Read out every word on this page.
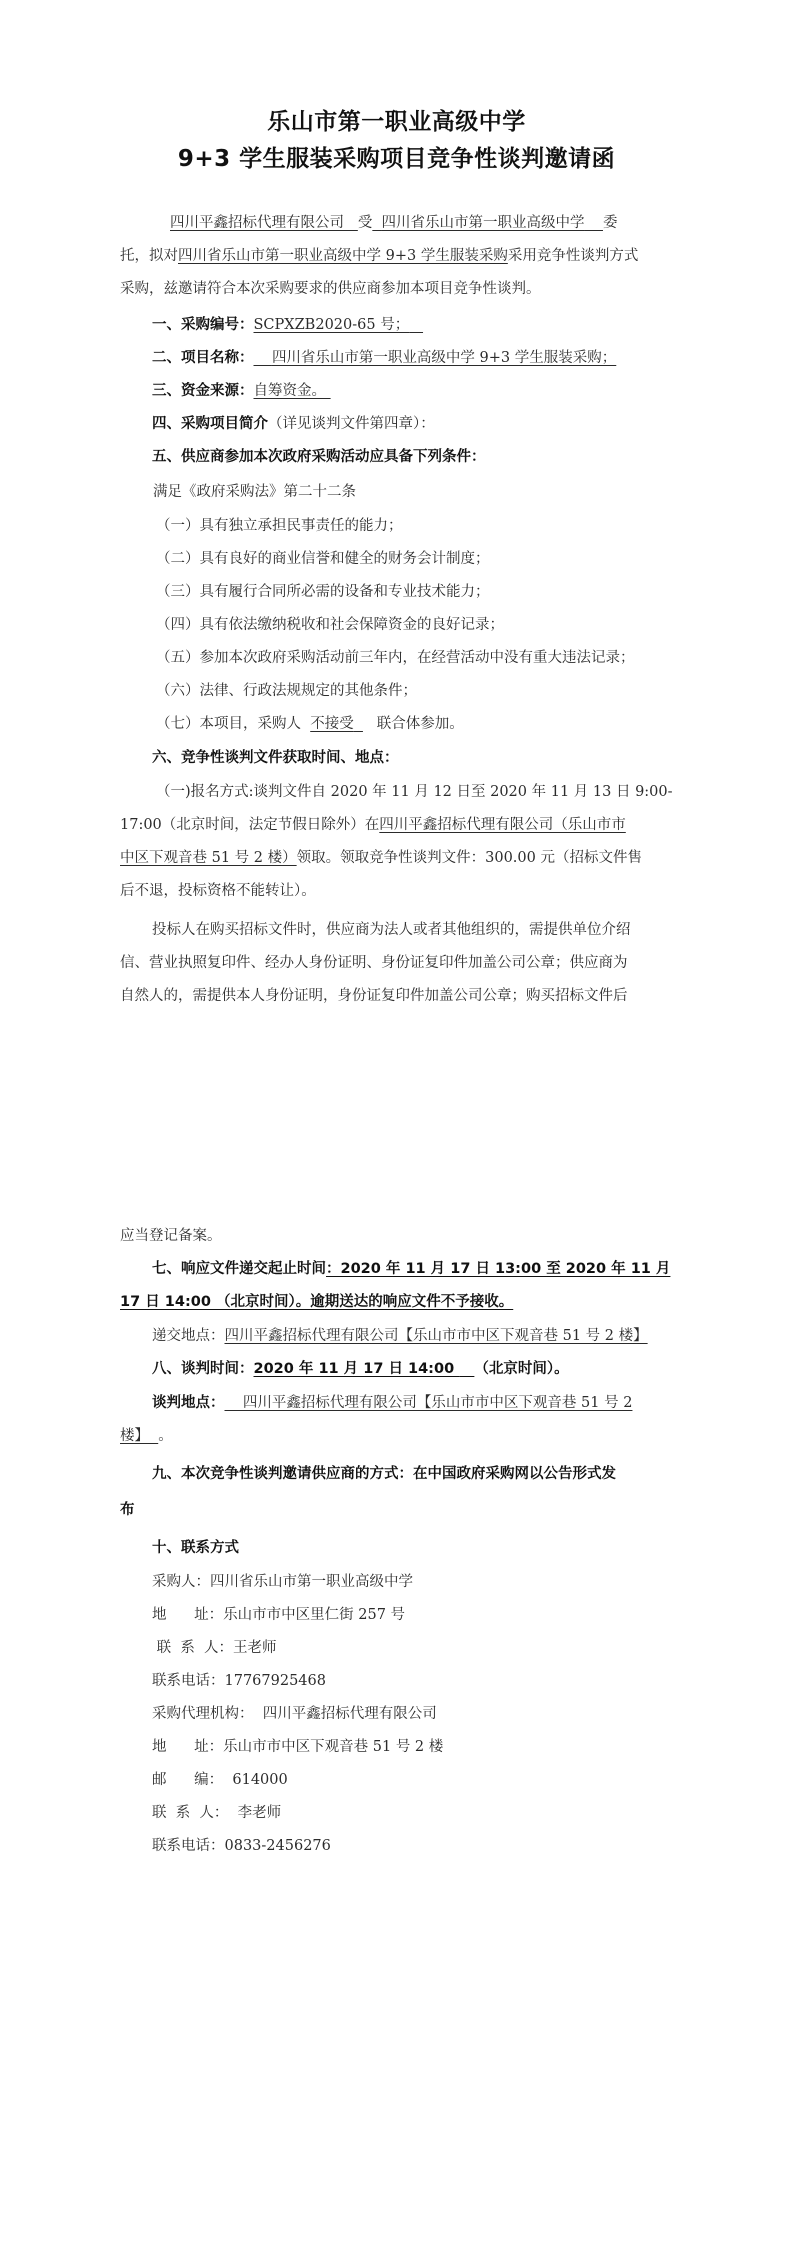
乐山市第一职业高级中学
9+3 学生服装采购项目竞争性谈判邀请函
四川平鑫招标代理有限公司 受 四川省乐山市第一职业高级中学 委
托，拟对四川省乐山市第一职业高级中学 9+3 学生服装采购采用竞争性谈判方式
采购，兹邀请符合本次采购要求的供应商参加本项目竞争性谈判。
一、采购编号：SCPXZB2020-65 号；
二、项目名称： 四川省乐山市第一职业高级中学 9+3 学生服装采购；
三、资金来源：自筹资金。
四、采购项目简介（详见谈判文件第四章）：
五、供应商参加本次政府采购活动应具备下列条件：
满足《政府采购法》第二十二条
（一）具有独立承担民事责任的能力；
（二）具有良好的商业信誉和健全的财务会计制度；
（三）具有履行合同所必需的设备和专业技术能力；
（四）具有依法缴纳税收和社会保障资金的良好记录；
（五）参加本次政府采购活动前三年内，在经营活动中没有重大违法记录；
（六）法律、行政法规规定的其他条件；
（七）本项目，采购人 不接受 联合体参加。
六、竞争性谈判文件获取时间、地点：
（一)报名方式:谈判文件自 2020 年 11 月 12 日至 2020 年 11 月 13 日 9:00-
17:00（北京时间，法定节假日除外）在四川平鑫招标代理有限公司（乐山市市
中区下观音巷 51 号 2 楼）领取。领取竞争性谈判文件：300.00 元（招标文件售
后不退，投标资格不能转让）。
投标人在购买招标文件时，供应商为法人或者其他组织的，需提供单位介绍
信、营业执照复印件、经办人身份证明、身份证复印件加盖公司公章；供应商为
自然人的，需提供本人身份证明，身份证复印件加盖公司公章；购买招标文件后
应当登记备案。
七、响应文件递交起止时间：2020 年 11 月 17 日 13:00 至 2020 年 11 月
17 日 14:00 （北京时间）。逾期送达的响应文件不予接收。
递交地点：四川平鑫招标代理有限公司【乐山市市中区下观音巷 51 号 2 楼】
八、谈判时间：2020 年 11 月 17 日 14:00    （北京时间）。
谈判地点：    四川平鑫招标代理有限公司【乐山市市中区下观音巷 51 号 2
楼】  。
九、本次竞争性谈判邀请供应商的方式：在中国政府采购网以公告形式发
布
十、联系方式
采购人：四川省乐山市第一职业高级中学
地      址：乐山市市中区里仁街 257 号
联  系  人：王老师
联系电话：17767925468
采购代理机构：  四川平鑫招标代理有限公司
地      址：乐山市市中区下观音巷 51 号 2 楼
邮      编：  614000
联  系  人：  李老师
联系电话：0833-2456276
